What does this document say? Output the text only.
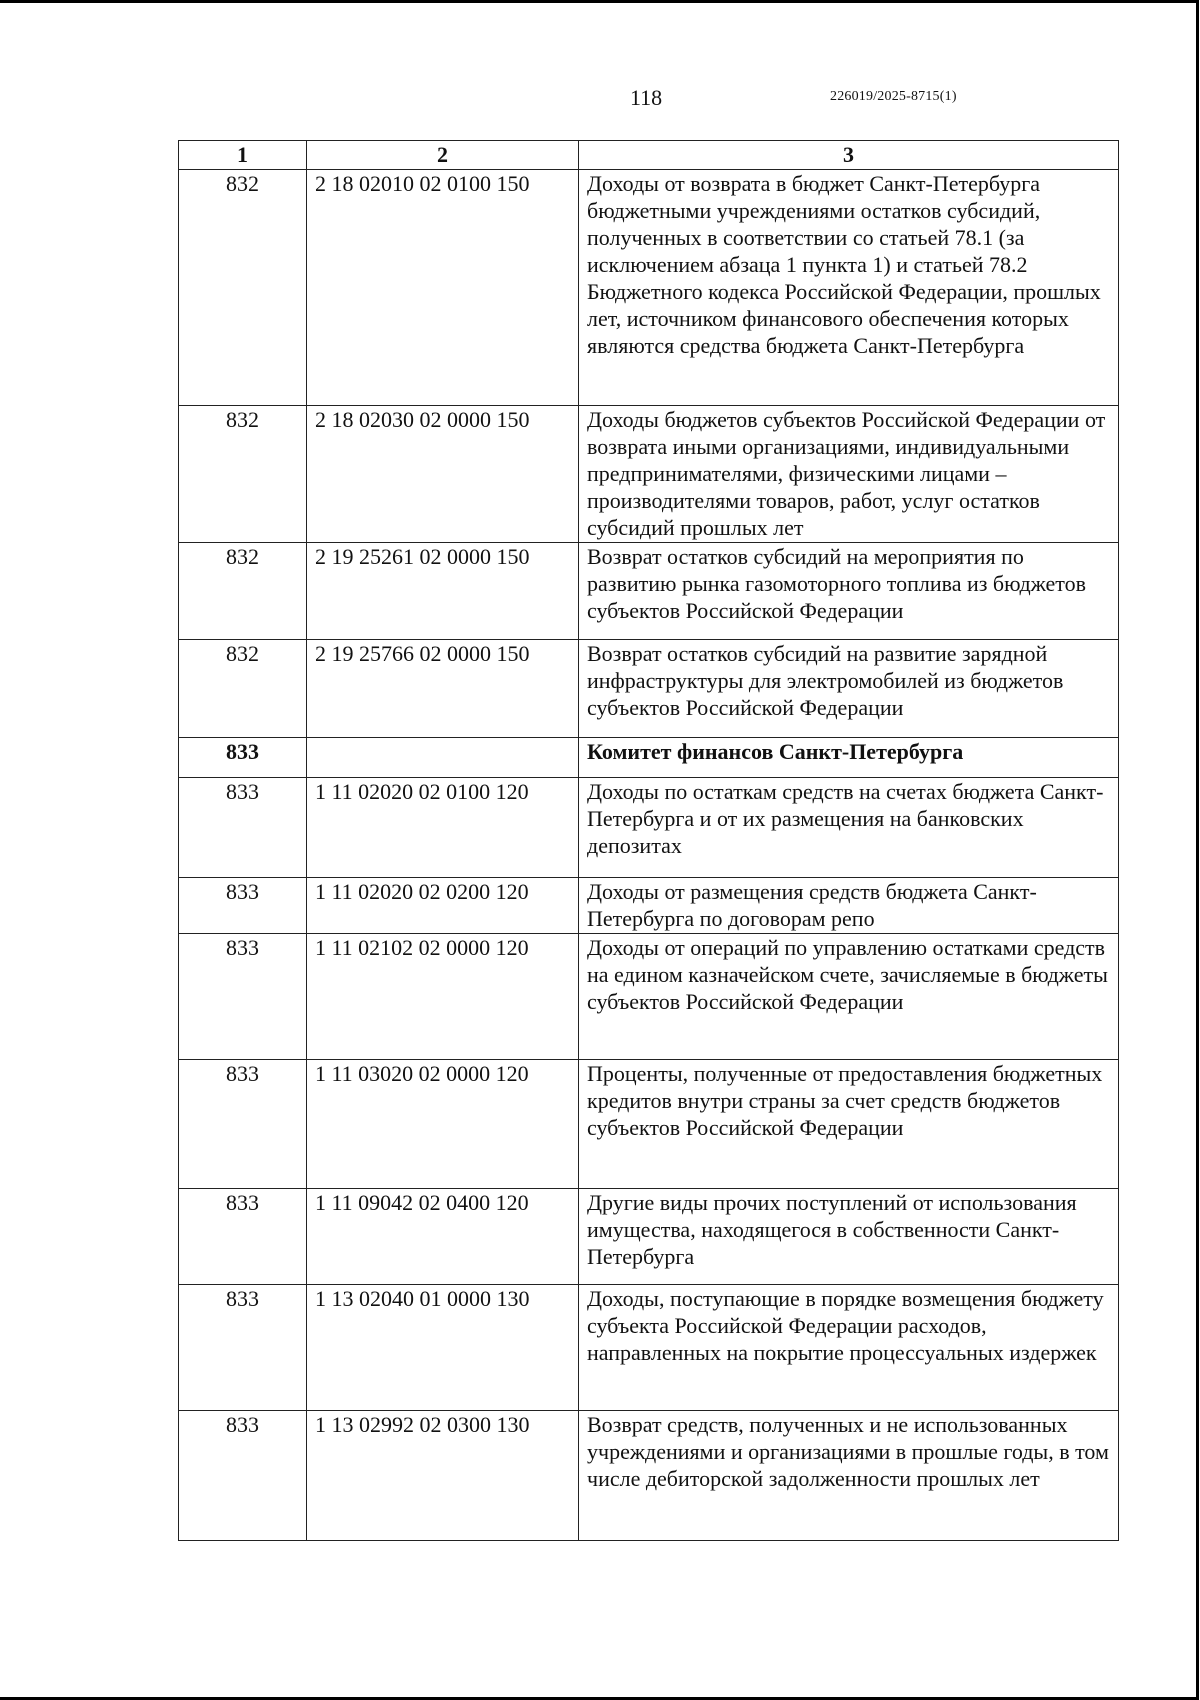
118	226019/2025-8715(1)
1	2	3
832	2 18 02010 02 0100 150	Доходы от возврата в бюджет Санкт-Петербурга бюджетными учреждениями остатков субсидий, полученных в соответствии со статьей 78.1 (за исключением абзаца 1 пункта 1) и статьей 78.2 Бюджетного кодекса Российской Федерации, прошлых лет, источником финансового обеспечения которых являются средства бюджета Санкт-Петербурга
832	2 18 02030 02 0000 150	Доходы бюджетов субъектов Российской Федерации от возврата иными организациями, индивидуальными предпринимателями, физическими лицами – производителями товаров, работ, услуг остатков субсидий прошлых лет
832	2 19 25261 02 0000 150	Возврат остатков субсидий на мероприятия по развитию рынка газомоторного топлива из бюджетов субъектов Российской Федерации
832	2 19 25766 02 0000 150	Возврат остатков субсидий на развитие зарядной инфраструктуры для электромобилей из бюджетов субъектов Российской Федерации
833		Комитет финансов Санкт-Петербурга
833	1 11 02020 02 0100 120	Доходы по остаткам средств на счетах бюджета Санкт-Петербурга и от их размещения на банковских депозитах
833	1 11 02020 02 0200 120	Доходы от размещения средств бюджета Санкт-Петербурга по договорам репо
833	1 11 02102 02 0000 120	Доходы от операций по управлению остатками средств на едином казначейском счете, зачисляемые в бюджеты субъектов Российской Федерации
833	1 11 03020 02 0000 120	Проценты, полученные от предоставления бюджетных кредитов внутри страны за счет средств бюджетов субъектов Российской Федерации
833	1 11 09042 02 0400 120	Другие виды прочих поступлений от использования имущества, находящегося в собственности Санкт-Петербурга
833	1 13 02040 01 0000 130	Доходы, поступающие в порядке возмещения бюджету субъекта Российской Федерации расходов, направленных на покрытие процессуальных издержек
833	1 13 02992 02 0300 130	Возврат средств, полученных и не использованных учреждениями и организациями в прошлые годы, в том числе дебиторской задолженности прошлых лет
